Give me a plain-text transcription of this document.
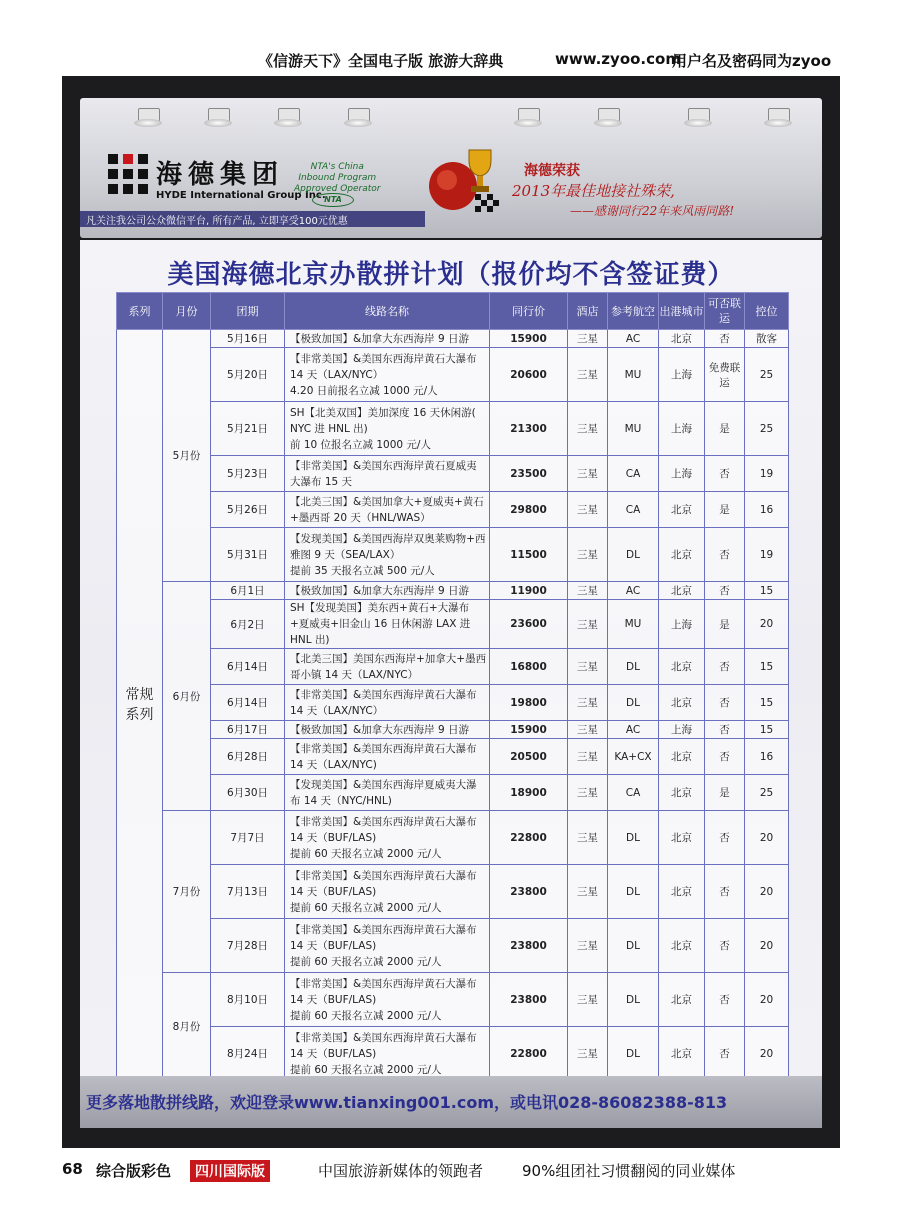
《信游天下》全国电子版 旅游大辞典	www.zyoo.com
用户名及密码同为zyoo
海德集团
HYDE International Group Inc.
NTA's China
Inbound Program
Approved Operator
NTA
海德荣获
2013年最佳地接社殊荣,
——感谢同行22年来风雨同路!
凡关注我公司公众微信平台, 所有产品, 立即享受100元优惠
美国海德北京办散拼计划（报价均不含签证费）
系列	月份	团期	线路名称	同行价	酒店	参考航空	出港城市	可否联运	控位
常规系列	5月份	5月16日	【极致加国】&加拿大东西海岸 9 日游	15900	三星	AC	北京	否	散客
		5月20日	【非常美国】&美国东西海岸黄石大瀑布 14 天（LAX/NYC）
4.20 日前报名立减 1000 元/人	20600	三星	MU	上海	免费联运	25
		5月21日	SH【北美双国】美加深度 16 天休闲游( NYC 进 HNL 出)
前 10 位报名立减 1000 元/人	21300	三星	MU	上海	是	25
		5月23日	【非常美国】&美国东西海岸黄石夏威夷大瀑布 15 天	23500	三星	CA	上海	否	19
		5月26日	【北美三国】&美国加拿大+夏威夷+黄石+墨西哥 20 天（HNL/WAS）	29800	三星	CA	北京	是	16
		5月31日	【发现美国】&美国西海岸双奥莱购物+西雅图 9 天（SEA/LAX）
提前 35 天报名立减 500 元/人	11500	三星	DL	北京	否	19
	6月份	6月1日	【极致加国】&加拿大东西海岸 9 日游	11900	三星	AC	北京	否	15
		6月2日	SH【发现美国】美东西+黄石+大瀑布+夏威夷+旧金山 16 日休闲游 LAX 进 HNL 出)	23600	三星	MU	上海	是	20
		6月14日	【北美三国】美国东西海岸+加拿大+墨西哥小镇 14 天（LAX/NYC）	16800	三星	DL	北京	否	15
		6月14日	【非常美国】&美国东西海岸黄石大瀑布 14 天（LAX/NYC）	19800	三星	DL	北京	否	15
		6月17日	【极致加国】&加拿大东西海岸 9 日游	15900	三星	AC	上海	否	15
		6月28日	【非常美国】&美国东西海岸黄石大瀑布 14 天（LAX/NYC)	20500	三星	KA+CX	北京	否	16
		6月30日	【发现美国】&美国东西海岸夏威夷大瀑布 14 天（NYC/HNL)	18900	三星	CA	北京	是	25
	7月份	7月7日	【非常美国】&美国东西海岸黄石大瀑布 14 天（BUF/LAS)
提前 60 天报名立减 2000 元/人	22800	三星	DL	北京	否	20
		7月13日	【非常美国】&美国东西海岸黄石大瀑布 14 天（BUF/LAS)
提前 60 天报名立减 2000 元/人	23800	三星	DL	北京	否	20
		7月28日	【非常美国】&美国东西海岸黄石大瀑布 14 天（BUF/LAS)
提前 60 天报名立减 2000 元/人	23800	三星	DL	北京	否	20
	8月份	8月10日	【非常美国】&美国东西海岸黄石大瀑布 14 天（BUF/LAS)
提前 60 天报名立减 2000 元/人	23800	三星	DL	北京	否	20
		8月24日	【非常美国】&美国东西海岸黄石大瀑布 14 天（BUF/LAS)
提前 60 天报名立减 2000 元/人	22800	三星	DL	北京	否	20
更多落地散拼线路，欢迎登录www.tianxing001.com，或电讯028-86082388-813
68 综合版彩色	四川国际版	中国旅游新媒体的领跑者	90%组团社习惯翻阅的同业媒体
